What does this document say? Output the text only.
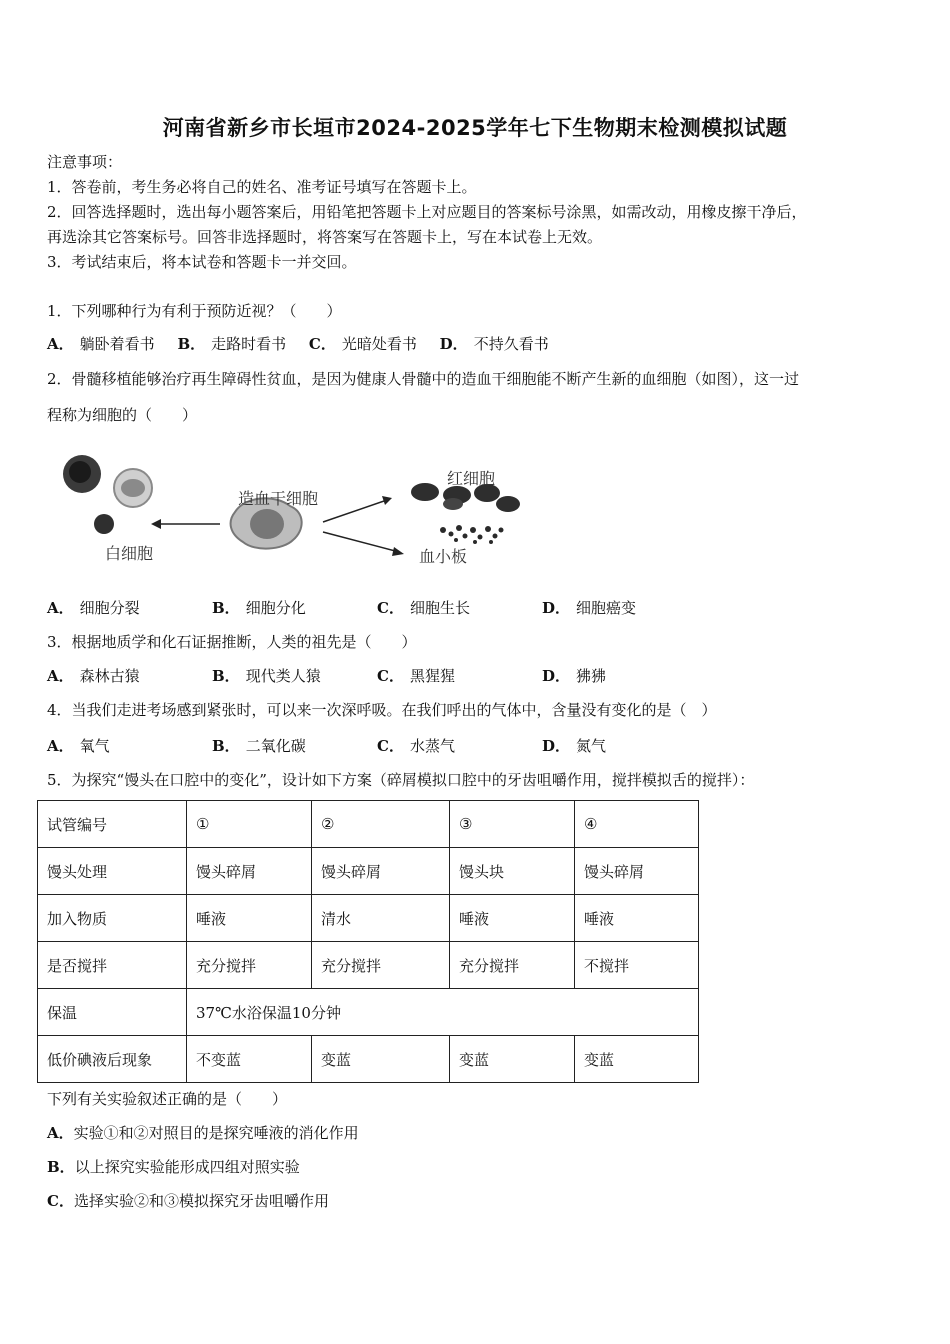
河南省新乡市长垣市2024-2025学年七下生物期末检测模拟试题
注意事项：
1．答卷前，考生务必将自己的姓名、准考证号填写在答题卡上。
2．回答选择题时，选出每小题答案后，用铅笔把答题卡上对应题目的答案标号涂黑，如需改动，用橡皮擦干净后，
再选涂其它答案标号。回答非选择题时，将答案写在答题卡上，写在本试卷上无效。
3．考试结束后，将本试卷和答题卡一并交回。
1．下列哪种行为有利于预防近视？（　　）
A． 躺卧着看书 B． 走路时看书 C． 光暗处看书 D． 不持久看书
2．骨髓移植能够治疗再生障碍性贫血，是因为健康人骨髓中的造血干细胞能不断产生新的血细胞（如图），这一过
程称为细胞的（　　）
白细胞
造血干细胞
红细胞
血小板
A． 细胞分裂	B． 细胞分化	C． 细胞生长	D． 细胞癌变
3．根据地质学和化石证据推断，人类的祖先是（　　）
A． 森林古猿	B． 现代类人猿	C． 黑猩猩	D． 狒狒
4．当我们走进考场感到紧张时，可以来一次深呼吸。在我们呼出的气体中，含量没有变化的是（　）
A． 氧气	B． 二氧化碳	C． 水蒸气	D． 氮气
5．为探究“馒头在口腔中的变化”，设计如下方案（碎屑模拟口腔中的牙齿咀嚼作用，搅拌模拟舌的搅拌）：
试管编号	①	②	③	④
馒头处理	馒头碎屑	馒头碎屑	馒头块	馒头碎屑
加入物质	唾液	清水	唾液	唾液
是否搅拌	充分搅拌	充分搅拌	充分搅拌	不搅拌
保温	37℃水浴保温10分钟			
低价碘液后现象	不变蓝	变蓝	变蓝	变蓝
下列有关实验叙述正确的是（　　）
A．实验①和②对照目的是探究唾液的消化作用
B．以上探究实验能形成四组对照实验
C．选择实验②和③模拟探究牙齿咀嚼作用
